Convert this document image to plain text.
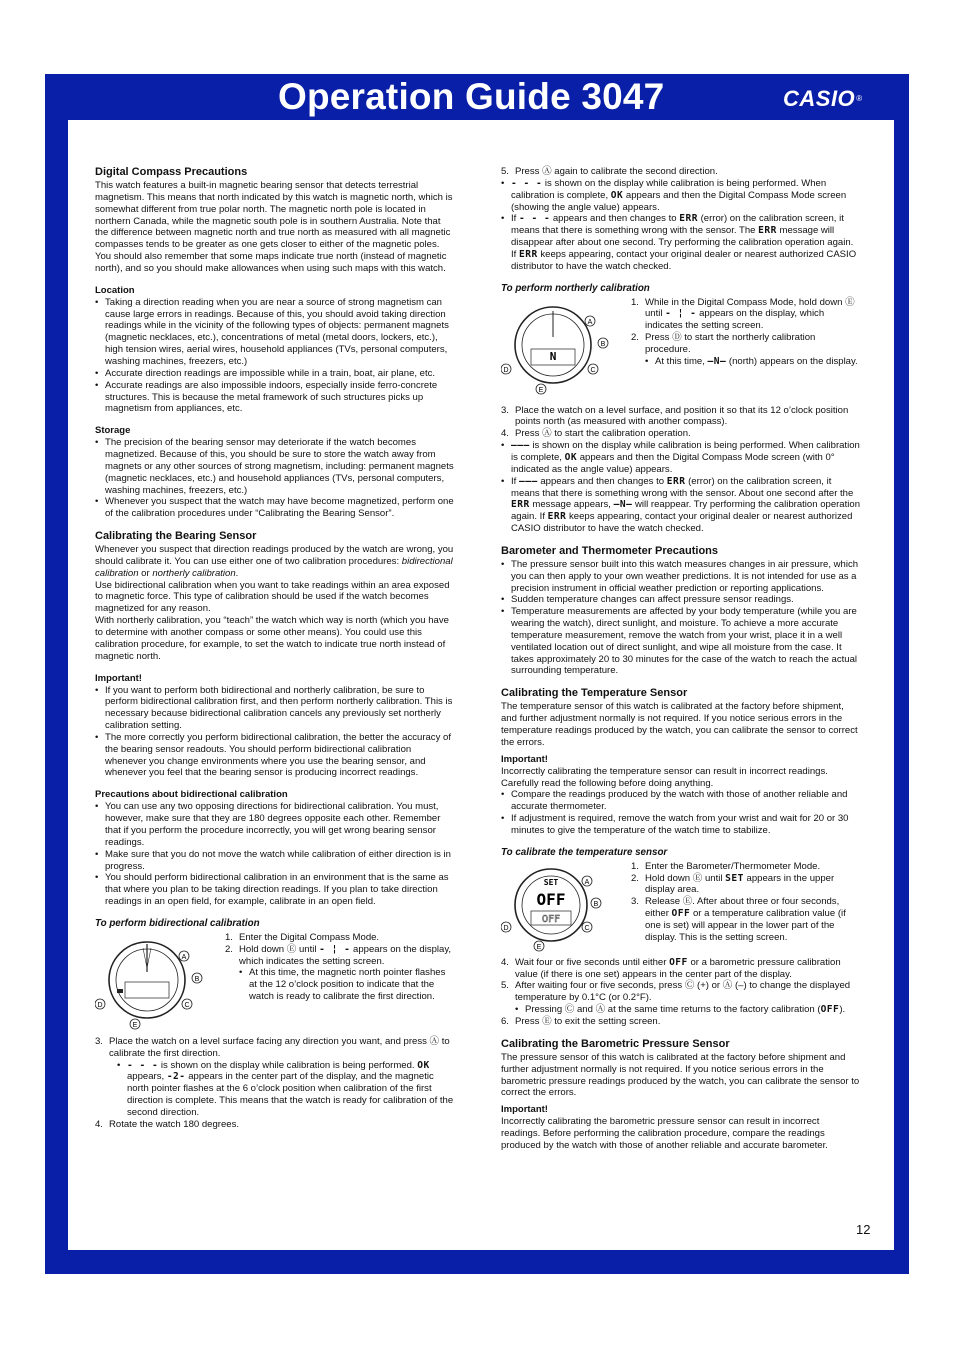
Operation Guide 3047	CASIO®
Digital Compass Precautions

This watch features a built-in magnetic bearing sensor that detects terrestrial magnetism. This means that north indicated by this watch is magnetic north, which is somewhat different from true polar north. The magnetic north pole is located in northern Canada, while the magnetic south pole is in southern Australia. Note that the difference between magnetic north and true north as measured with all magnetic compasses tends to be greater as one gets closer to either of the magnetic poles. You should also remember that some maps indicate true north (instead of magnetic north), and so you should make allowances when using such maps with this watch.

Location
• Taking a direction reading when you are near a source of strong magnetism can cause large errors in readings. Because of this, you should avoid taking direction readings while in the vicinity of the following types of objects: permanent magnets (magnetic necklaces, etc.), concentrations of metal (metal doors, lockers, etc.), high tension wires, aerial wires, household appliances (TVs, personal computers, washing machines, freezers, etc.)
• Accurate direction readings are impossible while in a train, boat, air plane, etc.
• Accurate readings are also impossible indoors, especially inside ferro-concrete structures. This is because the metal framework of such structures picks up magnetism from appliances, etc.
Storage
• The precision of the bearing sensor may deteriorate if the watch becomes magnetized. Because of this, you should be sure to store the watch away from magnets or any other sources of strong magnetism, including: permanent magnets (magnetic necklaces, etc.) and household appliances (TVs, personal computers, washing machines, freezers, etc.)
• Whenever you suspect that the watch may have become magnetized, perform one of the calibration procedures under “Calibrating the Bearing Sensor”.
Calibrating the Bearing Sensor

Whenever you suspect that direction readings produced by the watch are wrong, you should calibrate it. You can use either one of two calibration procedures: bidirectional calibration or northerly calibration.

Use bidirectional calibration when you want to take readings within an area exposed to magnetic force. This type of calibration should be used if the watch becomes magnetized for any reason.

With northerly calibration, you “teach” the watch which way is north (which you have to determine with another compass or some other means). You could use this calibration procedure, for example, to set the watch to indicate true north instead of magnetic north.

Important!
• If you want to perform both bidirectional and northerly calibration, be sure to perform bidirectional calibration first, and then perform northerly calibration. This is necessary because bidirectional calibration cancels any previously set northerly calibration setting.
• The more correctly you perform bidirectional calibration, the better the accuracy of the bearing sensor readouts. You should perform bidirectional calibration whenever you change environments where you use the bearing sensor, and whenever you feel that the bearing sensor is producing incorrect readings.
Precautions about bidirectional calibration
• You can use any two opposing directions for bidirectional calibration. You must, however, make sure that they are 180 degrees opposite each other. Remember that if you perform the procedure incorrectly, you will get wrong bearing sensor readings.
• Make sure that you do not move the watch while calibration of either direction is in progress.
• You should perform bidirectional calibration in an environment that is the same as that where you plan to be taking direction readings. If you plan to take direction readings in an open field, for example, calibrate in an open field.
To perform bidirectional calibration
A
B
C
D
E
1. Enter the Digital Compass Mode.
2. Hold down Ⓔ until - ¦ - appears on the display, which indicates the setting screen.
• At this time, the magnetic north pointer flashes at the 12 o’clock position to indicate that the watch is ready to calibrate the first direction.
3. Place the watch on a level surface facing any direction you want, and press Ⓐ to calibrate the first direction.
• - - - is shown on the display while calibration is being performed. OK appears, -2- appears in the center part of the display, and the magnetic north pointer flashes at the 6 o’clock position when calibration of the first direction is complete. This means that the watch is ready for calibration of the second direction.
4. Rotate the watch 180 degrees.
5. Press Ⓐ again to calibrate the second direction.
• - - - is shown on the display while calibration is being performed. When calibration is complete, OK appears and then the Digital Compass Mode screen (showing the angle value) appears.
• If - - - appears and then changes to ERR (error) on the calibration screen, it means that there is something wrong with the sensor. The ERR message will disappear after about one second. Try performing the calibration operation again. If ERR keeps appearing, contact your original dealer or nearest authorized CASIO distributor to have the watch checked.
To perform northerly calibration
N
A
B
C
D
E
1. While in the Digital Compass Mode, hold down Ⓔ until - ¦ - appears on the display, which indicates the setting screen.
2. Press Ⓓ to start the northerly calibration procedure.
• At this time, –N– (north) appears on the display.
3. Place the watch on a level surface, and position it so that its 12 o’clock position points north (as measured with another compass).
4. Press Ⓐ to start the calibration operation.
• ––– is shown on the display while calibration is being performed. When calibration is complete, OK appears and then the Digital Compass Mode screen (with 0° indicated as the angle value) appears.
• If ––– appears and then changes to ERR (error) on the calibration screen, it means that there is something wrong with the sensor. About one second after the ERR message appears, –N– will reappear. Try performing the calibration operation again. If ERR keeps appearing, contact your original dealer or nearest authorized CASIO distributor to have the watch checked.
Barometer and Thermometer Precautions
• The pressure sensor built into this watch measures changes in air pressure, which you can then apply to your own weather predictions. It is not intended for use as a precision instrument in official weather prediction or reporting applications.
• Sudden temperature changes can affect pressure sensor readings.
• Temperature measurements are affected by your body temperature (while you are wearing the watch), direct sunlight, and moisture. To achieve a more accurate temperature measurement, remove the watch from your wrist, place it in a well ventilated location out of direct sunlight, and wipe all moisture from the case. It takes approximately 20 to 30 minutes for the case of the watch to reach the actual surrounding temperature.
Calibrating the Temperature Sensor

The temperature sensor of this watch is calibrated at the factory before shipment, and further adjustment normally is not required. If you notice serious errors in the temperature readings produced by the watch, you can calibrate the sensor to correct the errors.

Important!

Incorrectly calibrating the temperature sensor can result in incorrect readings. Carefully read the following before doing anything.

• Compare the readings produced by the watch with those of another reliable and accurate thermometer.
• If adjustment is required, remove the watch from your wrist and wait for 20 or 30 minutes to give the temperature of the watch time to stabilize.
To calibrate the temperature sensor
SET
OFF
OFF
A
B
C
D
E
1. Enter the Barometer/Thermometer Mode.
2. Hold down Ⓔ until SET appears in the upper display area.
3. Release Ⓔ. After about three or four seconds, either OFF or a temperature calibration value (if one is set) will appear in the lower part of the display. This is the setting screen.
4. Wait four or five seconds until either OFF or a barometric pressure calibration value (if there is one set) appears in the center part of the display.
5. After waiting four or five seconds, press Ⓒ (+) or Ⓐ (–) to change the displayed temperature by 0.1°C (or 0.2°F).
• Pressing Ⓒ and Ⓐ at the same time returns to the factory calibration (OFF).
6. Press Ⓔ to exit the setting screen.
Calibrating the Barometric Pressure Sensor

The pressure sensor of this watch is calibrated at the factory before shipment and further adjustment normally is not required. If you notice serious errors in the barometric pressure readings produced by the watch, you can calibrate the sensor to correct the errors.

Important!

Incorrectly calibrating the barometric pressure sensor can result in incorrect readings. Before performing the calibration procedure, compare the readings produced by the watch with those of another reliable and accurate barometer.

12
